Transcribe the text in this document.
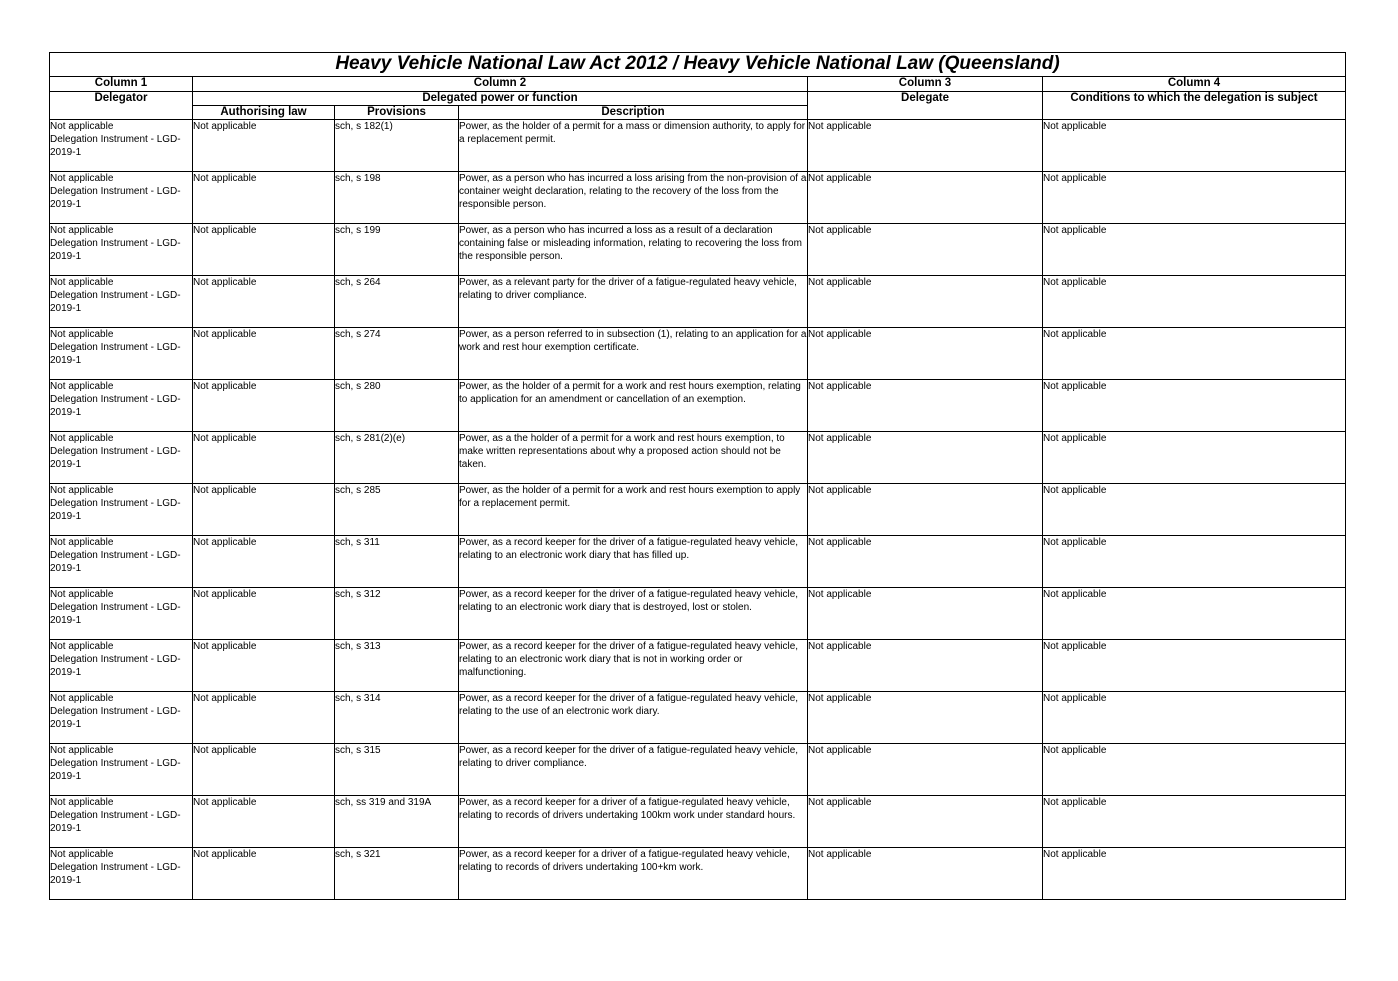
Heavy Vehicle National Law Act 2012 / Heavy Vehicle National Law (Queensland)					
Column 1	Column 2			Column 3	Column 4
Delegator	Delegated power or function			Delegate	Conditions to which the delegation is subject
	Authorising law	Provisions	Description		

Not applicable
Delegation Instrument - LGD-2019-1	Not applicable	sch, s 182(1)	Power, as the holder of a permit for a mass or dimension authority, to apply for a replacement permit.	Not applicable	Not applicable

Not applicable
Delegation Instrument - LGD-2019-1	Not applicable	sch, s 198	Power, as a person who has incurred a loss arising from the non-provision of a container weight declaration, relating to the recovery of the loss from the responsible person.	Not applicable	Not applicable

Not applicable
Delegation Instrument - LGD-2019-1	Not applicable	sch, s 199	Power, as a person who has incurred a loss as a result of a declaration containing false or misleading information, relating to recovering the loss from the responsible person.	Not applicable	Not applicable

Not applicable
Delegation Instrument - LGD-2019-1	Not applicable	sch, s 264	Power, as a relevant party for the driver of a fatigue-regulated heavy vehicle, relating to driver compliance.	Not applicable	Not applicable

Not applicable
Delegation Instrument - LGD-2019-1	Not applicable	sch, s 274	Power, as a person referred to in subsection (1), relating to an application for a work and rest hour exemption certificate.	Not applicable	Not applicable

Not applicable
Delegation Instrument - LGD-2019-1	Not applicable	sch, s 280	Power, as the holder of a permit for a work and rest hours exemption, relating to application for an amendment or cancellation of an exemption.	Not applicable	Not applicable

Not applicable
Delegation Instrument - LGD-2019-1	Not applicable	sch, s 281(2)(e)	Power, as a the holder of a permit for a work and rest hours exemption, to make written representations about why a proposed action should not be taken.	Not applicable	Not applicable

Not applicable
Delegation Instrument - LGD-2019-1	Not applicable	sch, s 285	Power, as the holder of a permit for a work and rest hours exemption to apply for a replacement permit.	Not applicable	Not applicable

Not applicable
Delegation Instrument - LGD-2019-1	Not applicable	sch, s 311	Power, as a record keeper for the driver of a fatigue-regulated heavy vehicle, relating to an electronic work diary that has filled up.	Not applicable	Not applicable

Not applicable
Delegation Instrument - LGD-2019-1	Not applicable	sch, s 312	Power, as a record keeper for the driver of a fatigue-regulated heavy vehicle, relating to an electronic work diary that is destroyed, lost or stolen.	Not applicable	Not applicable

Not applicable
Delegation Instrument - LGD-2019-1	Not applicable	sch, s 313	Power, as a record keeper for the driver of a fatigue-regulated heavy vehicle, relating to an electronic work diary that is not in working order or malfunctioning.	Not applicable	Not applicable

Not applicable
Delegation Instrument - LGD-2019-1	Not applicable	sch, s 314	Power, as a record keeper for the driver of a fatigue-regulated heavy vehicle, relating to the use of an electronic work diary.	Not applicable	Not applicable

Not applicable
Delegation Instrument - LGD-2019-1	Not applicable	sch, s 315	Power, as a record keeper for the driver of a fatigue-regulated heavy vehicle, relating to driver compliance.	Not applicable	Not applicable

Not applicable
Delegation Instrument - LGD-2019-1	Not applicable	sch, ss 319 and 319A	Power, as a record keeper for a driver of a fatigue-regulated heavy vehicle, relating to records of drivers undertaking 100km work under standard hours.	Not applicable	Not applicable

Not applicable
Delegation Instrument - LGD-2019-1	Not applicable	sch, s 321	Power, as a record keeper for a driver of a fatigue-regulated heavy vehicle, relating to records of drivers undertaking 100+km work.	Not applicable	Not applicable
